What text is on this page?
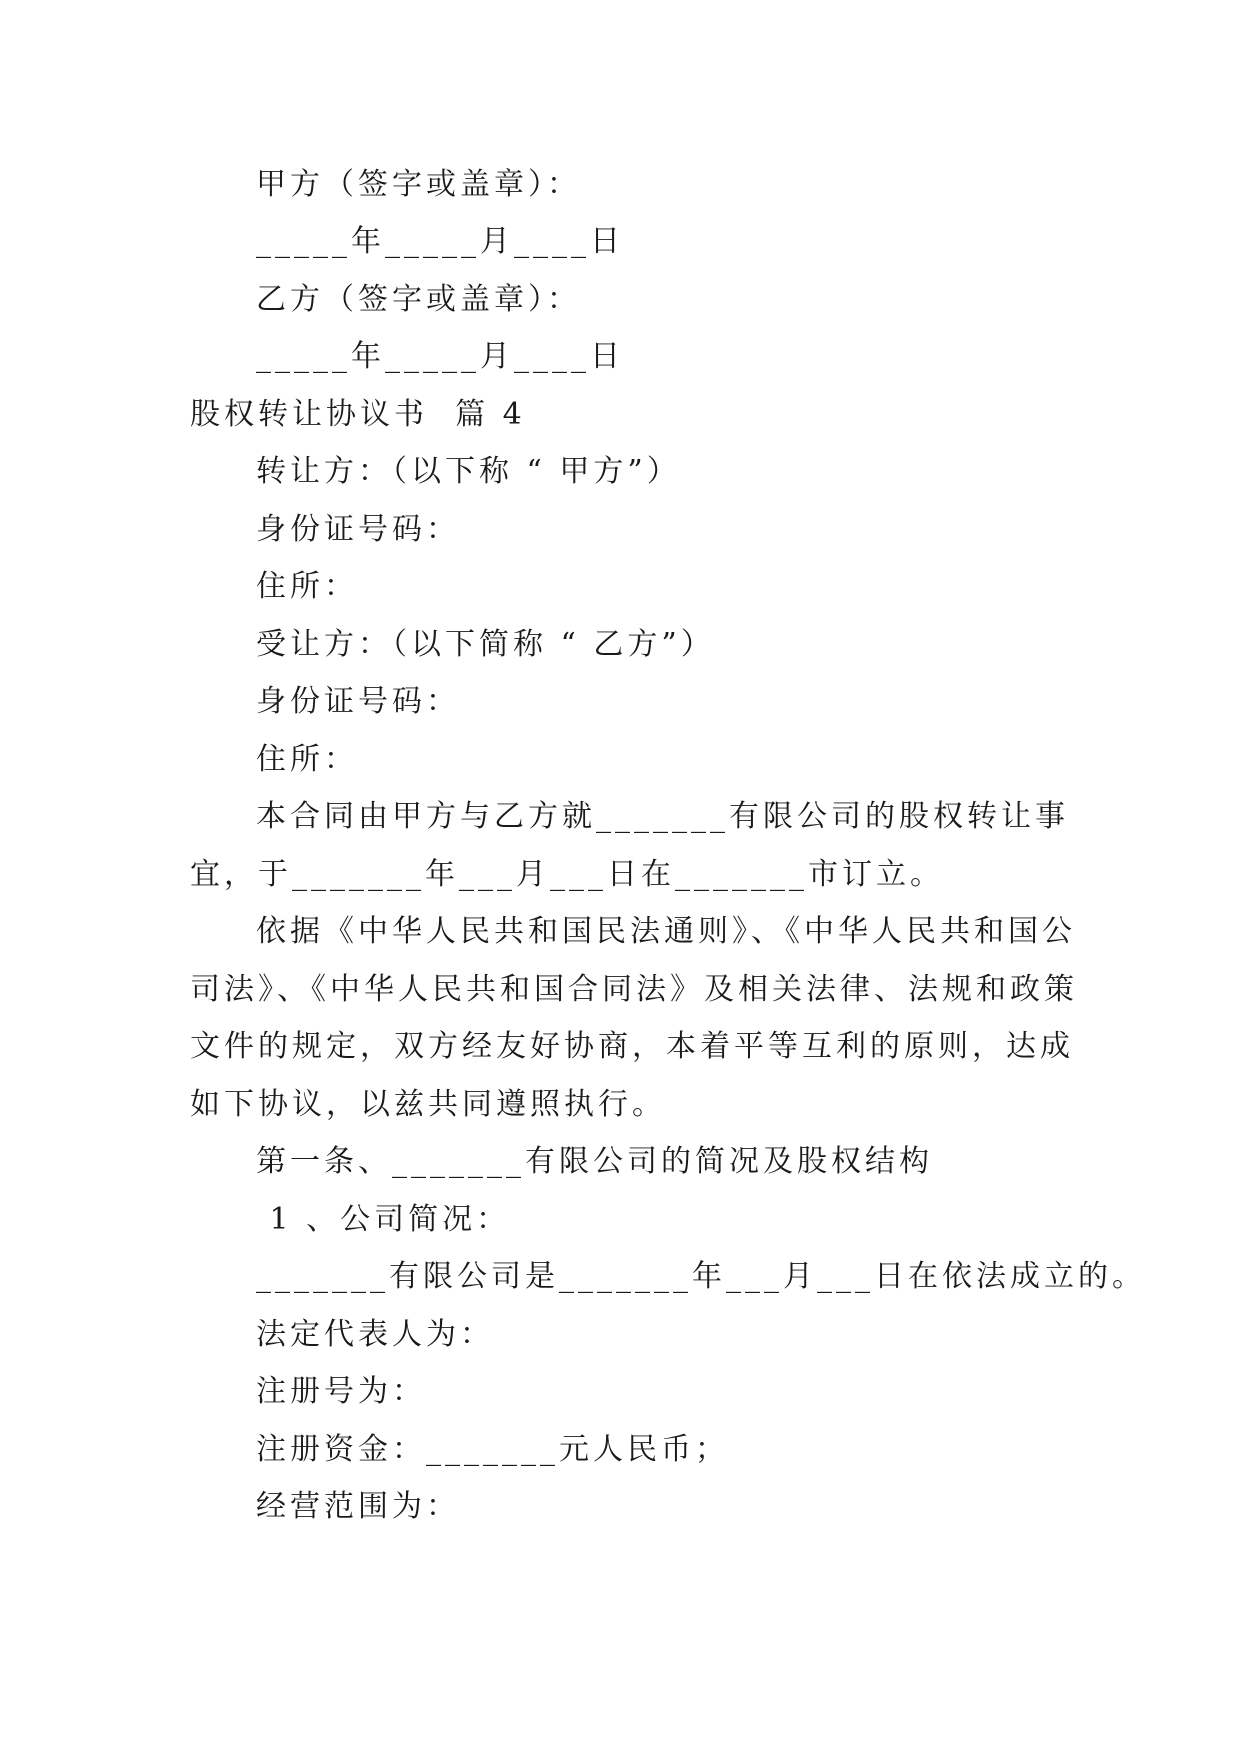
甲方（签字或盖章）：
_____年_____月____日
乙方（签字或盖章）：
_____年_____月____日
股权转让协议书  篇 4
转让方：（以下称 “ 甲方”）
身份证号码：
住所：
受让方：（以下简称 “ 乙方”）
身份证号码：
住所：
本合同由甲方与乙方就_______有限公司的股权转让事
宜，于_______年___月___日在_______市订立。
依据《中华人民共和国民法通则》、《中华人民共和国公
司法》、《中华人民共和国合同法》及相关法律、法规和政策
文件的规定，双方经友好协商，本着平等互利的原则，达成
如下协议，以兹共同遵照执行。
第一条、_______有限公司的简况及股权结构
1 、公司简况：
_______有限公司是_______年___月___日在依法成立的。
法定代表人为：
注册号为：
注册资金：_______元人民币；
经营范围为：
